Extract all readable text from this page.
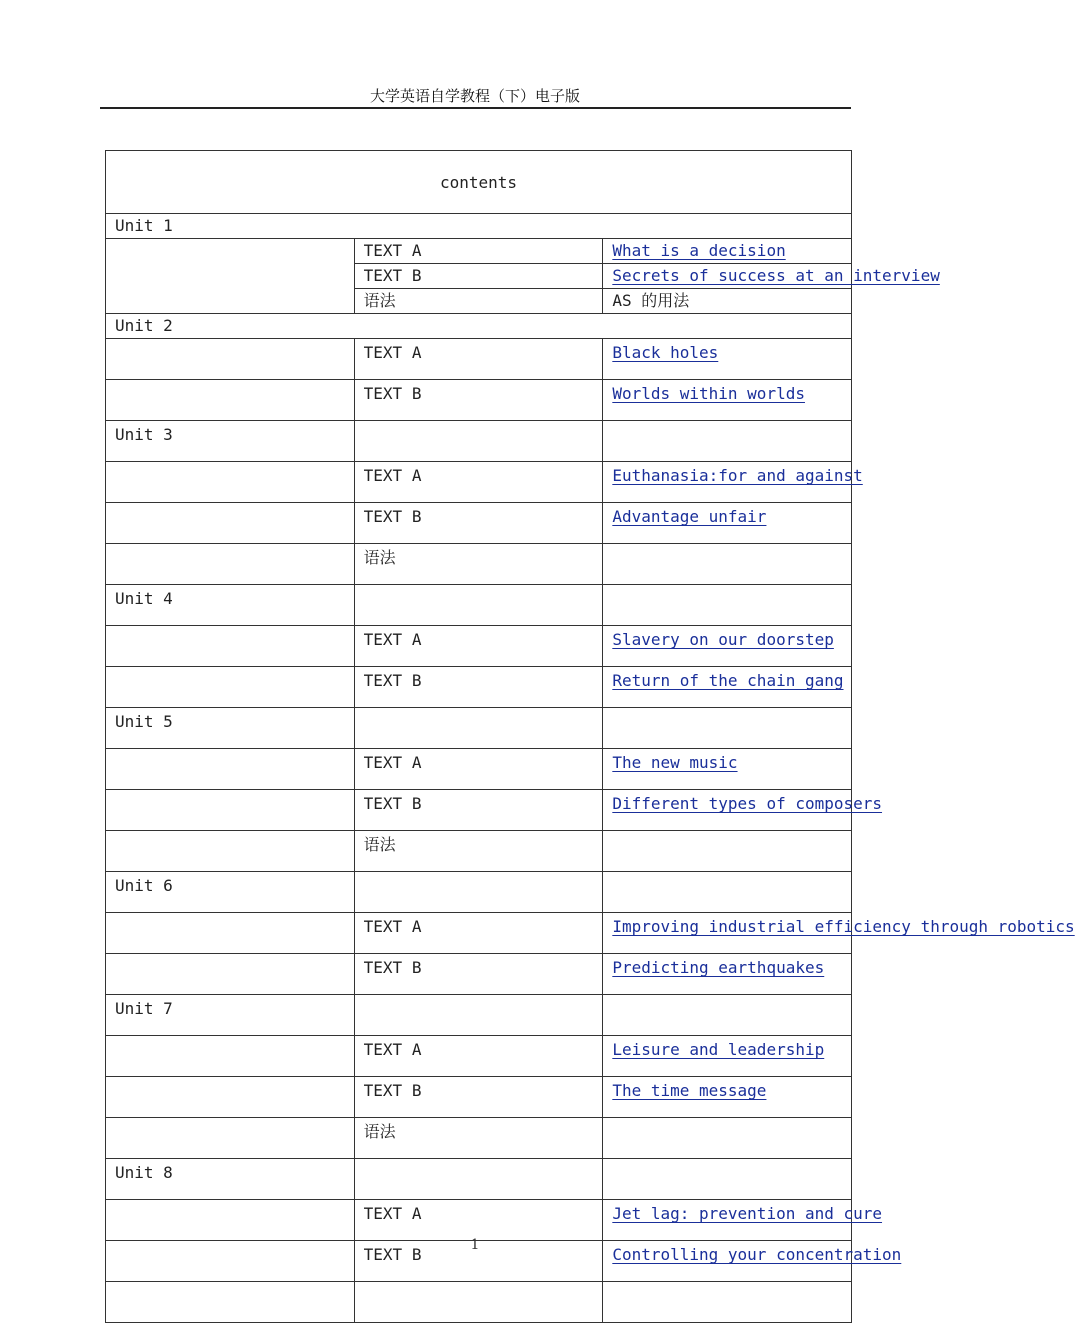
大学英语自学教程（下）电子版
contents		
Unit 1		
	TEXT A	What is a decision
	TEXT B	Secrets of success at an interview
	语法	AS 的用法
Unit 2		
	TEXT A	Black holes
	TEXT B	Worlds within worlds
Unit 3		
	TEXT A	Euthanasia:for and against
	TEXT B	Advantage unfair
	语法	
Unit 4		
	TEXT A	Slavery on our doorstep
	TEXT B	Return of the chain gang
Unit 5		
	TEXT A	The new music
	TEXT B	Different types of composers
	语法	
Unit 6		
	TEXT A	Improving industrial efficiency through robotics
	TEXT B	Predicting earthquakes
Unit 7		
	TEXT A	Leisure and leadership
	TEXT B	The time message
	语法	
Unit 8		
	TEXT A	Jet lag: prevention and cure
	TEXT B	Controlling your concentration

1
